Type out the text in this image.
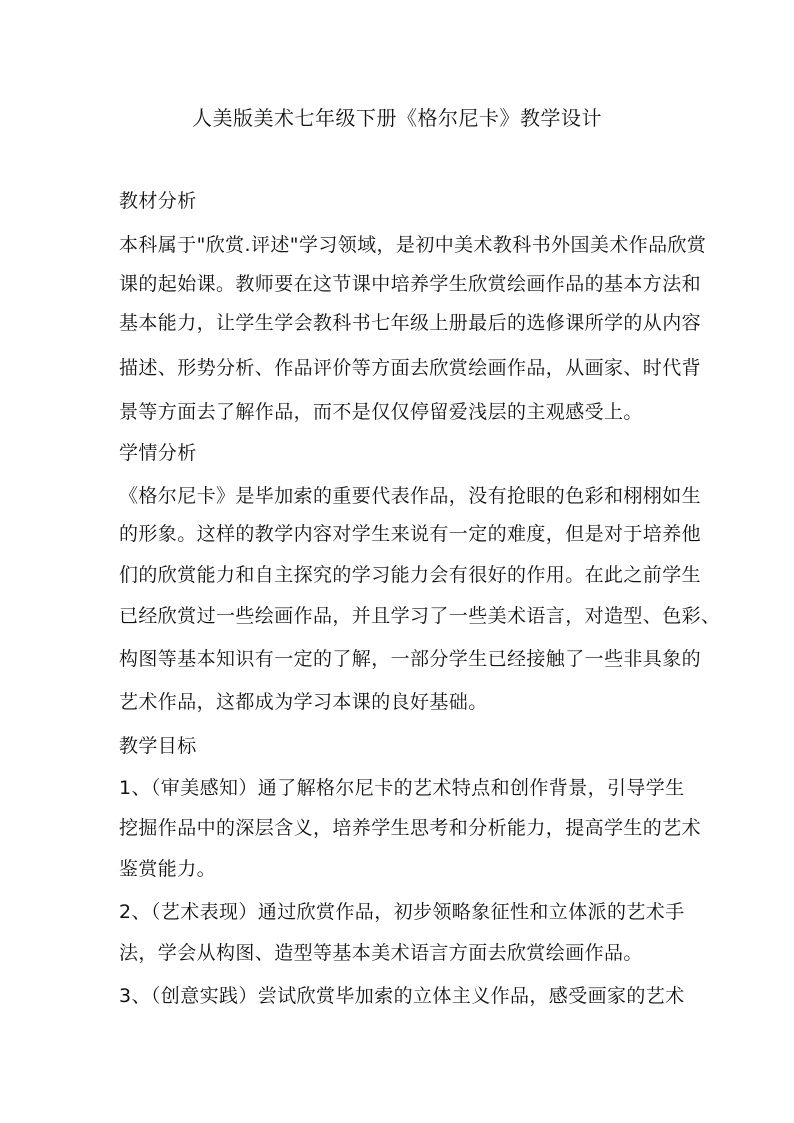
人美版美术七年级下册《格尔尼卡》教学设计
教材分析
本科属于"欣赏.评述"学习领域，是初中美术教科书外国美术作品欣赏
课的起始课。教师要在这节课中培养学生欣赏绘画作品的基本方法和
基本能力，让学生学会教科书七年级上册最后的选修课所学的从内容
描述、形势分析、作品评价等方面去欣赏绘画作品，从画家、时代背
景等方面去了解作品，而不是仅仅停留爱浅层的主观感受上。
学情分析
《格尔尼卡》是毕加索的重要代表作品，没有抢眼的色彩和栩栩如生
的形象。这样的教学内容对学生来说有一定的难度，但是对于培养他
们的欣赏能力和自主探究的学习能力会有很好的作用。在此之前学生
已经欣赏过一些绘画作品，并且学习了一些美术语言，对造型、色彩、
构图等基本知识有一定的了解，一部分学生已经接触了一些非具象的
艺术作品，这都成为学习本课的良好基础。
教学目标
1、（审美感知）通了解格尔尼卡的艺术特点和创作背景，引导学生
挖掘作品中的深层含义，培养学生思考和分析能力，提高学生的艺术
鉴赏能力。
2、（艺术表现）通过欣赏作品，初步领略象征性和立体派的艺术手
法，学会从构图、造型等基本美术语言方面去欣赏绘画作品。
3、（创意实践）尝试欣赏毕加索的立体主义作品，感受画家的艺术
